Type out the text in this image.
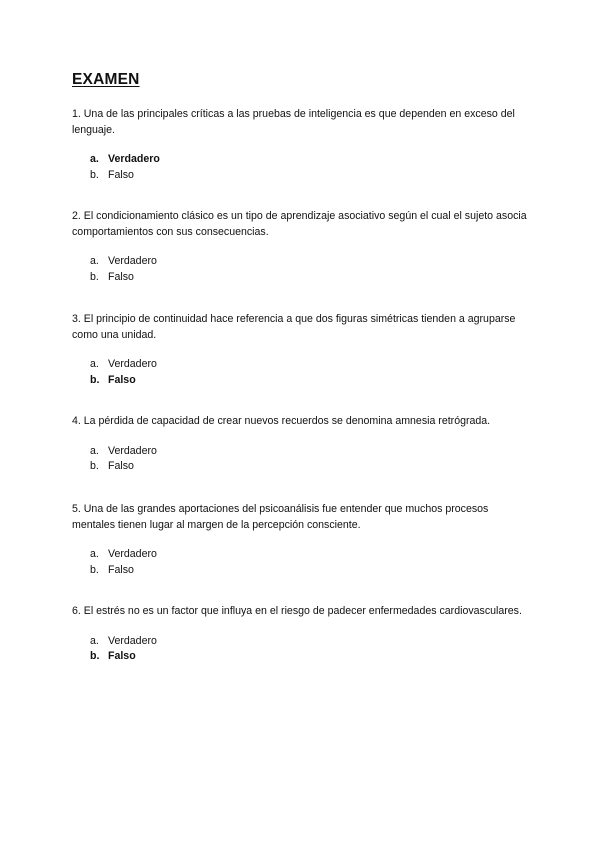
EXAMEN

1. Una de las principales críticas a las pruebas de inteligencia es que dependen en exceso del lenguaje.

a. Verdadero
b. Falso

2. El condicionamiento clásico es un tipo de aprendizaje asociativo según el cual el sujeto asocia comportamientos con sus consecuencias.

a. Verdadero
b. Falso

3. El principio de continuidad hace referencia a que dos figuras simétricas tienden a agruparse como una unidad.

a. Verdadero
b. Falso

4. La pérdida de capacidad de crear nuevos recuerdos se denomina amnesia retrógrada.

a. Verdadero
b. Falso

5. Una de las grandes aportaciones del psicoanálisis fue entender que muchos procesos mentales tienen lugar al margen de la percepción consciente.

a. Verdadero
b. Falso

6. El estrés no es un factor que influya en el riesgo de padecer enfermedades cardiovasculares.

a. Verdadero
b. Falso
